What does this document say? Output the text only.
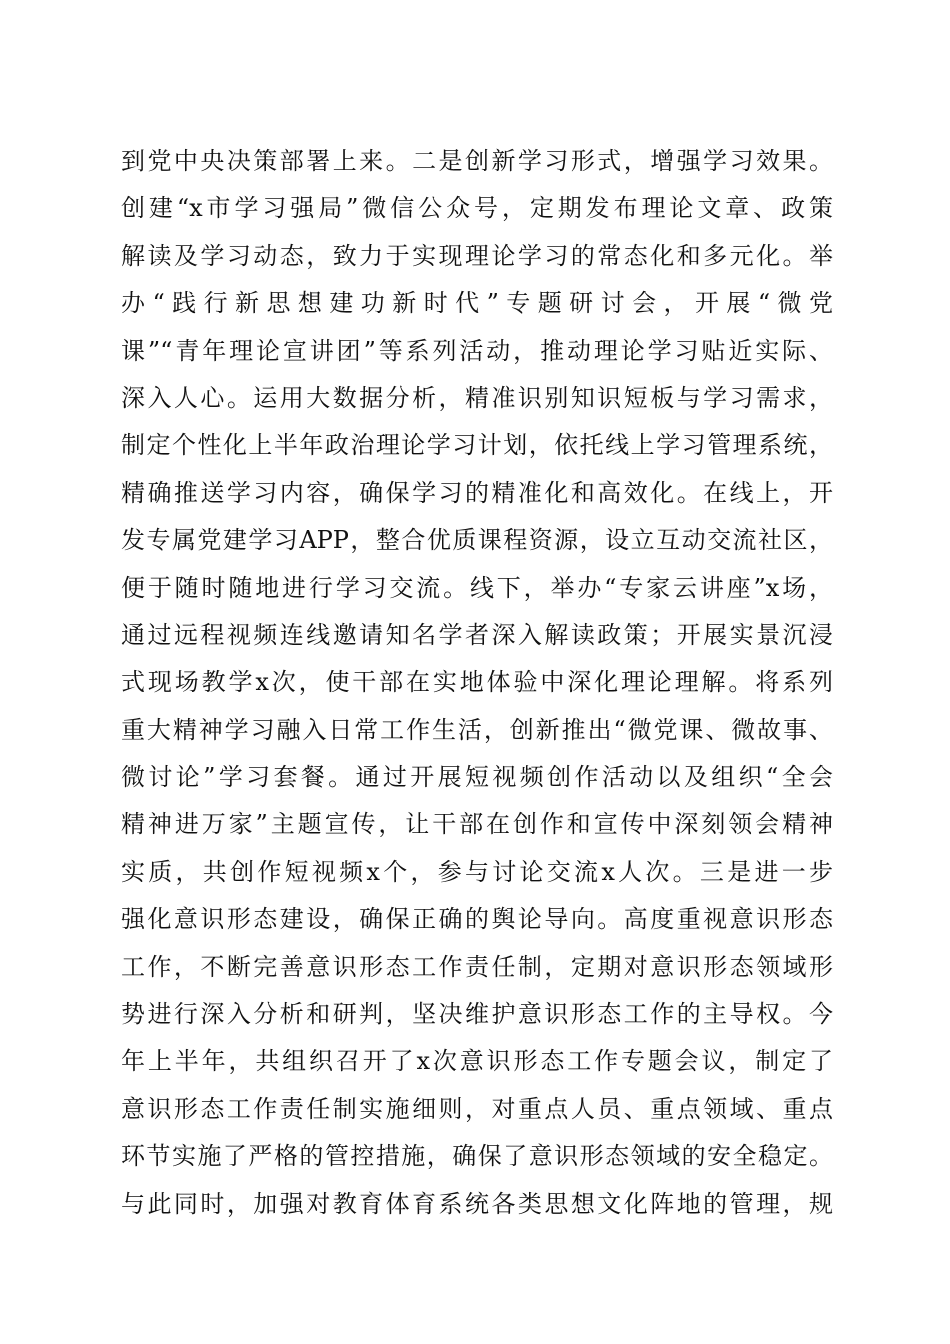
到党中央决策部署上来。二是创新学习形式，增强学习效果。
创建“x市学习强局”微信公众号，定期发布理论文章、政策
解读及学习动态，致力于实现理论学习的常态化和多元化。举
办“践行新思想建功新时代”专题研讨会，开展“微党
课”“青年理论宣讲团”等系列活动，推动理论学习贴近实际、
深入人心。运用大数据分析，精准识别知识短板与学习需求，
制定个性化上半年政治理论学习计划，依托线上学习管理系统，
精确推送学习内容，确保学习的精准化和高效化。在线上，开
发专属党建学习APP，整合优质课程资源，设立互动交流社区，
便于随时随地进行学习交流。线下，举办“专家云讲座”x场，
通过远程视频连线邀请知名学者深入解读政策；开展实景沉浸
式现场教学x次，使干部在实地体验中深化理论理解。将系列
重大精神学习融入日常工作生活，创新推出“微党课、微故事、
微讨论”学习套餐。通过开展短视频创作活动以及组织“全会
精神进万家”主题宣传，让干部在创作和宣传中深刻领会精神
实质，共创作短视频x个，参与讨论交流x人次。三是进一步
强化意识形态建设，确保正确的舆论导向。高度重视意识形态
工作，不断完善意识形态工作责任制，定期对意识形态领域形
势进行深入分析和研判，坚决维护意识形态工作的主导权。今
年上半年，共组织召开了x次意识形态工作专题会议，制定了
意识形态工作责任制实施细则，对重点人员、重点领域、重点
环节实施了严格的管控措施，确保了意识形态领域的安全稳定。
与此同时，加强对教育体育系统各类思想文化阵地的管理，规
